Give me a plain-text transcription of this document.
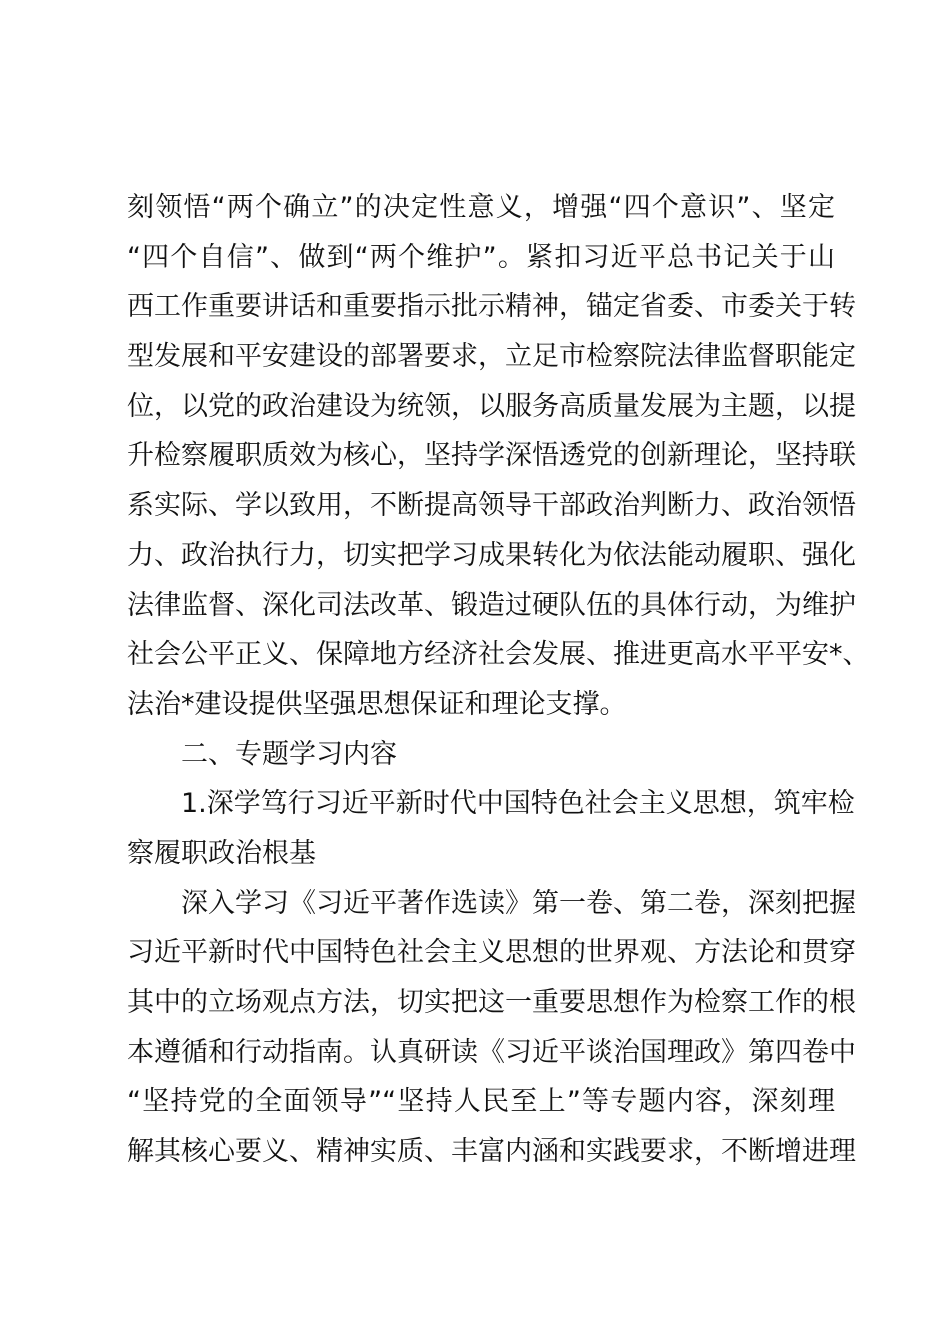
刻领悟“两个确立”的决定性意义，增强“四个意识”、坚定
“四个自信”、做到“两个维护”。紧扣习近平总书记关于山
西工作重要讲话和重要指示批示精神，锚定省委、市委关于转
型发展和平安建设的部署要求，立足市检察院法律监督职能定
位，以党的政治建设为统领，以服务高质量发展为主题，以提
升检察履职质效为核心，坚持学深悟透党的创新理论，坚持联
系实际、学以致用，不断提高领导干部政治判断力、政治领悟
力、政治执行力，切实把学习成果转化为依法能动履职、强化
法律监督、深化司法改革、锻造过硬队伍的具体行动，为维护
社会公平正义、保障地方经济社会发展、推进更高水平平安*、
法治*建设提供坚强思想保证和理论支撑。
二、专题学习内容
1.深学笃行习近平新时代中国特色社会主义思想，筑牢检
察履职政治根基
深入学习《习近平著作选读》第一卷、第二卷，深刻把握
习近平新时代中国特色社会主义思想的世界观、方法论和贯穿
其中的立场观点方法，切实把这一重要思想作为检察工作的根
本遵循和行动指南。认真研读《习近平谈治国理政》第四卷中
“坚持党的全面领导”“坚持人民至上”等专题内容，深刻理
解其核心要义、精神实质、丰富内涵和实践要求，不断增进理
